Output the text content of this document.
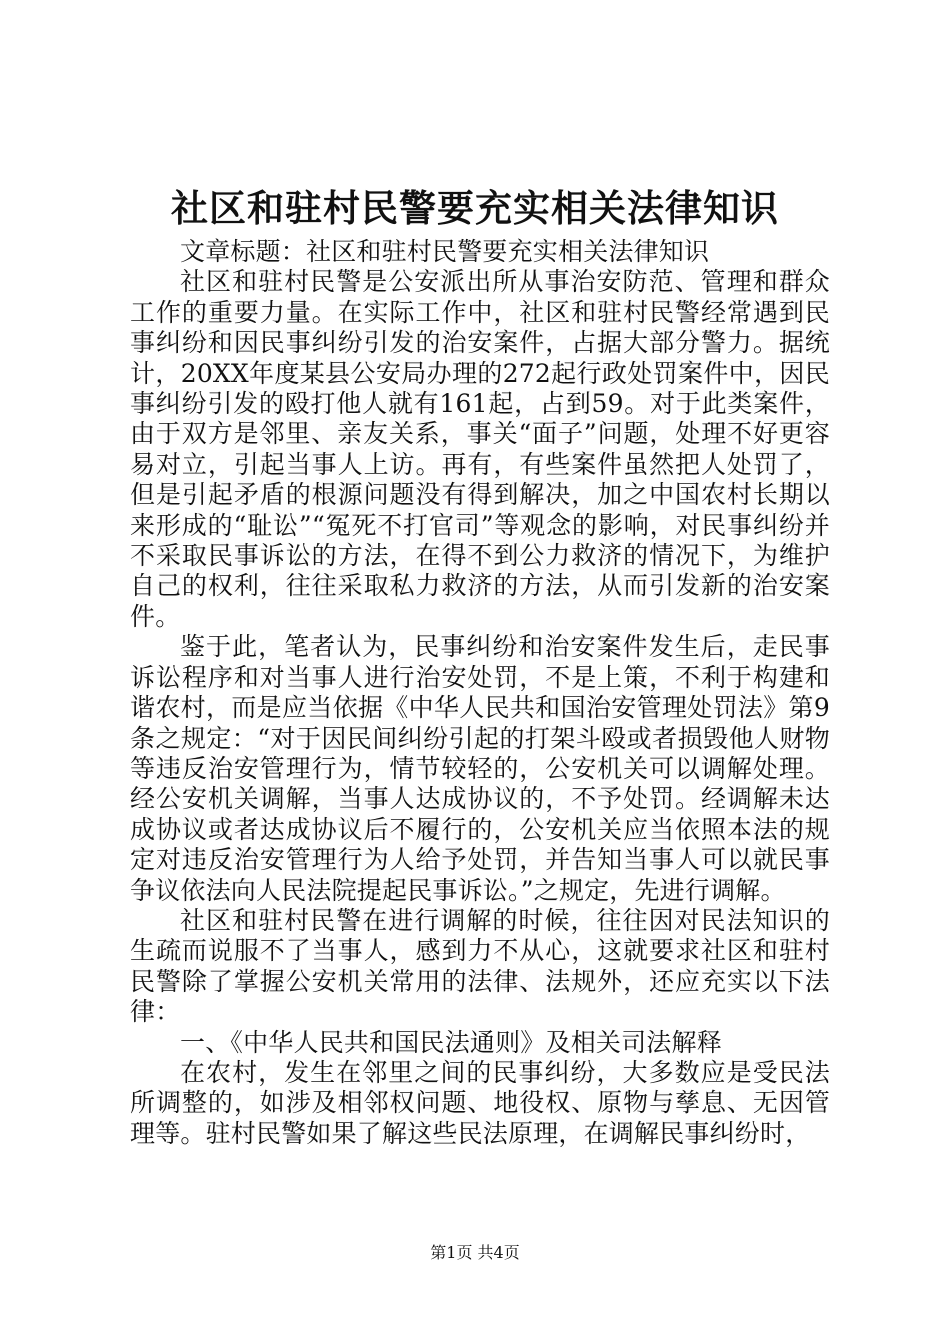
社区和驻村民警要充实相关法律知识

文章标题：社区和驻村民警要充实相关法律知识

社区和驻村民警是公安派出所从事治安防范、管理和群众工作的重要力量。在实际工作中，社区和驻村民警经常遇到民事纠纷和因民事纠纷引发的治安案件，占据大部分警力。据统计，20XX年度某县公安局办理的272起行政处罚案件中，因民事纠纷引发的殴打他人就有161起，占到59。对于此类案件，由于双方是邻里、亲友关系，事关“面子”问题，处理不好更容易对立，引起当事人上访。再有，有些案件虽然把人处罚了，但是引起矛盾的根源问题没有得到解决，加之中国农村长期以来形成的“耻讼”“冤死不打官司”等观念的影响，对民事纠纷并不采取民事诉讼的方法，在得不到公力救济的情况下，为维护自己的权利，往往采取私力救济的方法，从而引发新的治安案件。

鉴于此，笔者认为，民事纠纷和治安案件发生后，走民事诉讼程序和对当事人进行治安处罚，不是上策，不利于构建和谐农村，而是应当依据《中华人民共和国治安管理处罚法》第9条之规定：“对于因民间纠纷引起的打架斗殴或者损毁他人财物等违反治安管理行为，情节较轻的，公安机关可以调解处理。经公安机关调解，当事人达成协议的，不予处罚。经调解未达成协议或者达成协议后不履行的，公安机关应当依照本法的规定对违反治安管理行为人给予处罚，并告知当事人可以就民事争议依法向人民法院提起民事诉讼。”之规定，先进行调解。

社区和驻村民警在进行调解的时候，往往因对民法知识的生疏而说服不了当事人，感到力不从心，这就要求社区和驻村民警除了掌握公安机关常用的法律、法规外，还应充实以下法律：

一、《中华人民共和国民法通则》及相关司法解释

在农村，发生在邻里之间的民事纠纷，大多数应是受民法所调整的，如涉及相邻权问题、地役权、原物与孳息、无因管理等。驻村民警如果了解这些民法原理，在调解民事纠纷时，

第1页 共4页
